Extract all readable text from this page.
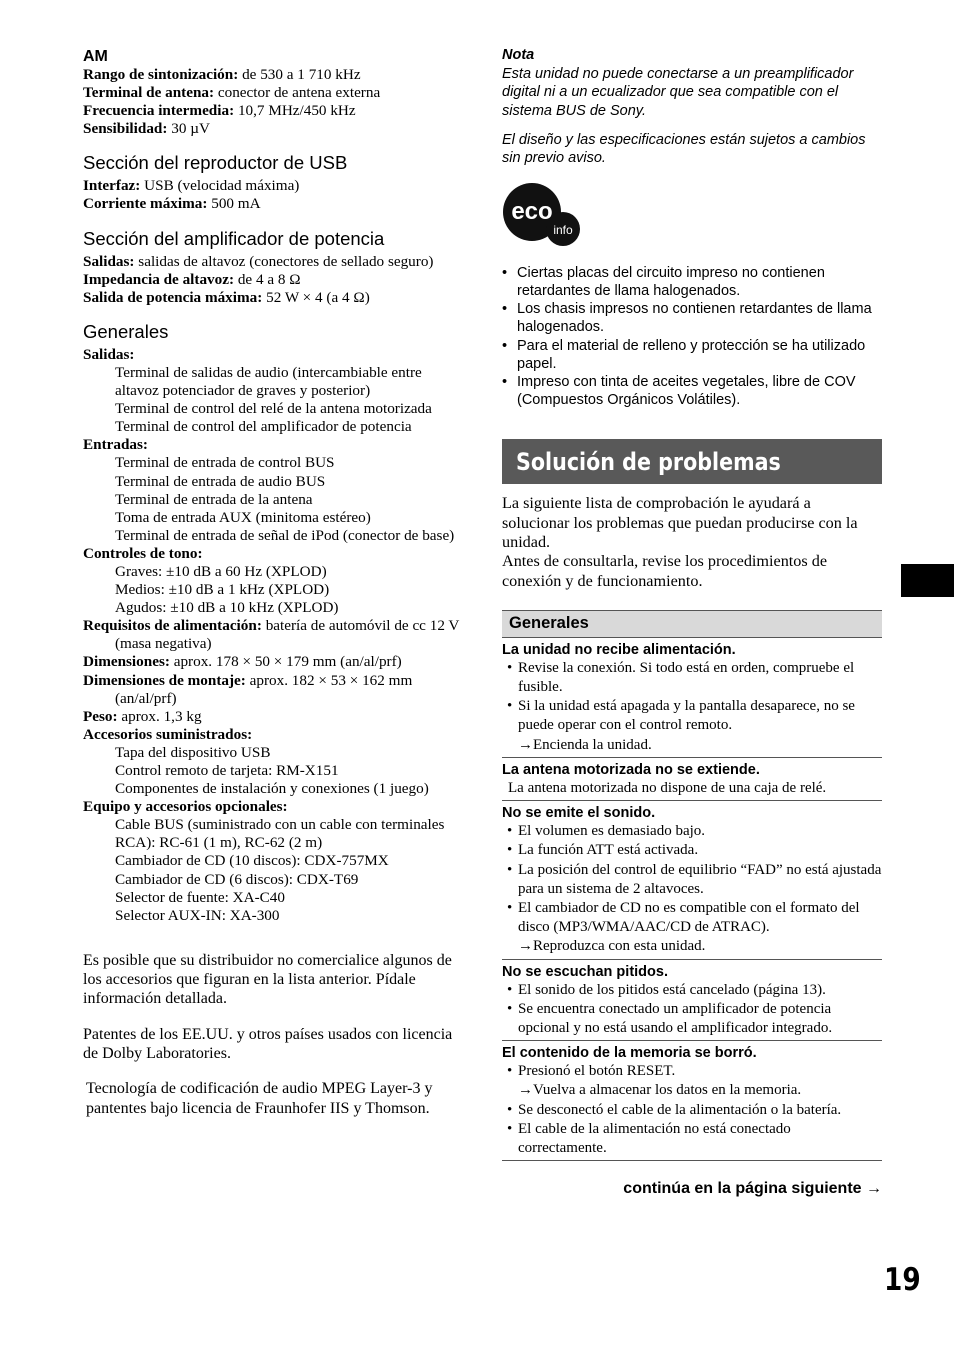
AM

Rango de sintonización: de 530 a 1 710 kHz

Terminal de antena: conector de antena externa

Frecuencia intermedia: 10,7 MHz/450 kHz

Sensibilidad: 30 µV

Sección del reproductor de USB

Interfaz: USB (velocidad máxima)

Corriente máxima: 500 mA

Sección del amplificador de potencia

Salidas: salidas de altavoz (conectores de sellado seguro)

Impedancia de altavoz: de 4 a 8 Ω

Salida de potencia máxima: 52 W × 4 (a 4 Ω)

Generales

Salidas:

Terminal de salidas de audio (intercambiable entre altavoz potenciador de graves y posterior)

Terminal de control del relé de la antena motorizada

Terminal de control del amplificador de potencia

Entradas:

Terminal de entrada de control BUS

Terminal de entrada de audio BUS

Terminal de entrada de la antena

Toma de entrada AUX (minitoma estéreo)

Terminal de entrada de señal de iPod (conector de base)

Controles de tono:

Graves: ±10 dB a 60 Hz (XPLOD)

Medios: ±10 dB a 1 kHz (XPLOD)

Agudos: ±10 dB a 10 kHz (XPLOD)

Requisitos de alimentación: batería de automóvil de cc 12 V (masa negativa)

Dimensiones: aprox. 178 × 50 × 179 mm (an/al/prf)

Dimensiones de montaje: aprox. 182 × 53 × 162 mm (an/al/prf)

Peso: aprox. 1,3 kg

Accesorios suministrados:

Tapa del dispositivo USB

Control remoto de tarjeta: RM-X151

Componentes de instalación y conexiones (1 juego)

Equipo y accesorios opcionales:

Cable BUS (suministrado con un cable con terminales RCA): RC-61 (1 m), RC-62 (2 m)

Cambiador de CD (10 discos): CDX-757MX

Cambiador de CD (6 discos): CDX-T69

Selector de fuente: XA-C40

Selector AUX-IN: XA-300

Es posible que su distribuidor no comercialice algunos de los accesorios que figuran en la lista anterior. Pídale información detallada.

Patentes de los EE.UU. y otros países usados con licencia de Dolby Laboratories.

Tecnología de codificación de audio MPEG Layer-3 y pantentes bajo licencia de Fraunhofer IIS y Thomson.

Nota

Esta unidad no puede conectarse a un preamplificador digital ni a un ecualizador que sea compatible con el sistema BUS de Sony.

El diseño y las especificaciones están sujetos a cambios sin previo aviso.

eco
info
• Ciertas placas del circuito impreso no contienen retardantes de llama halogenados.
• Los chasis impresos no contienen retardantes de llama halogenados.
• Para el material de relleno y protección se ha utilizado papel.
• Impreso con tinta de aceites vegetales, libre de COV (Compuestos Orgánicos Volátiles).
Solución de problemas

La siguiente lista de comprobación le ayudará a solucionar los problemas que puedan producirse con la unidad.

Antes de consultarla, revise los procedimientos de conexión y de funcionamiento.

Generales

La unidad no recibe alimentación.

• Revise la conexión. Si todo está en orden, compruebe el fusible.
• Si la unidad está apagada y la pantalla desaparece, no se puede operar con el control remoto.
→Encienda la unidad.

La antena motorizada no se extiende.

La antena motorizada no dispone de una caja de relé.

No se emite el sonido.

• El volumen es demasiado bajo.
• La función ATT está activada.
• La posición del control de equilibrio “FAD” no está ajustada para un sistema de 2 altavoces.
• El cambiador de CD no es compatible con el formato del disco (MP3/WMA/AAC/CD de ATRAC).
→Reproduzca con esta unidad.

No se escuchan pitidos.

• El sonido de los pitidos está cancelado (página 13).
• Se encuentra conectado un amplificador de potencia opcional y no está usando el amplificador integrado.

El contenido de la memoria se borró.

• Presionó el botón RESET.
→Vuelva a almacenar los datos en la memoria.
• Se desconectó el cable de la alimentación o la batería.
• El cable de la alimentación no está conectado correctamente.
continúa en la página siguiente →
19
